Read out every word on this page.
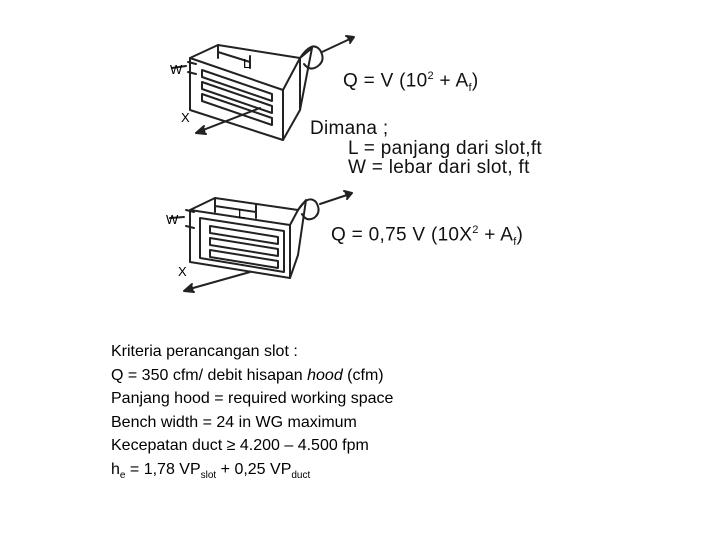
W	L
X
W	L
X
Q = V $(10^2 + A_f)$
Dimana ;
L = panjang dari slot,ft
W = lebar dari slot, ft
Q = 0,75 V $(10X^2 + A_f)$
Kriteria perancangan slot :
Q = 350 cfm/ debit hisapan hood (cfm)
Panjang hood = required working space
Bench width = 24 in WG maximum
Kecepatan duct ≥ 4.200 – 4.500 fpm
$h_e = 1,78$ $VP_{slot} + 0,25$ $VP_{duct}$
